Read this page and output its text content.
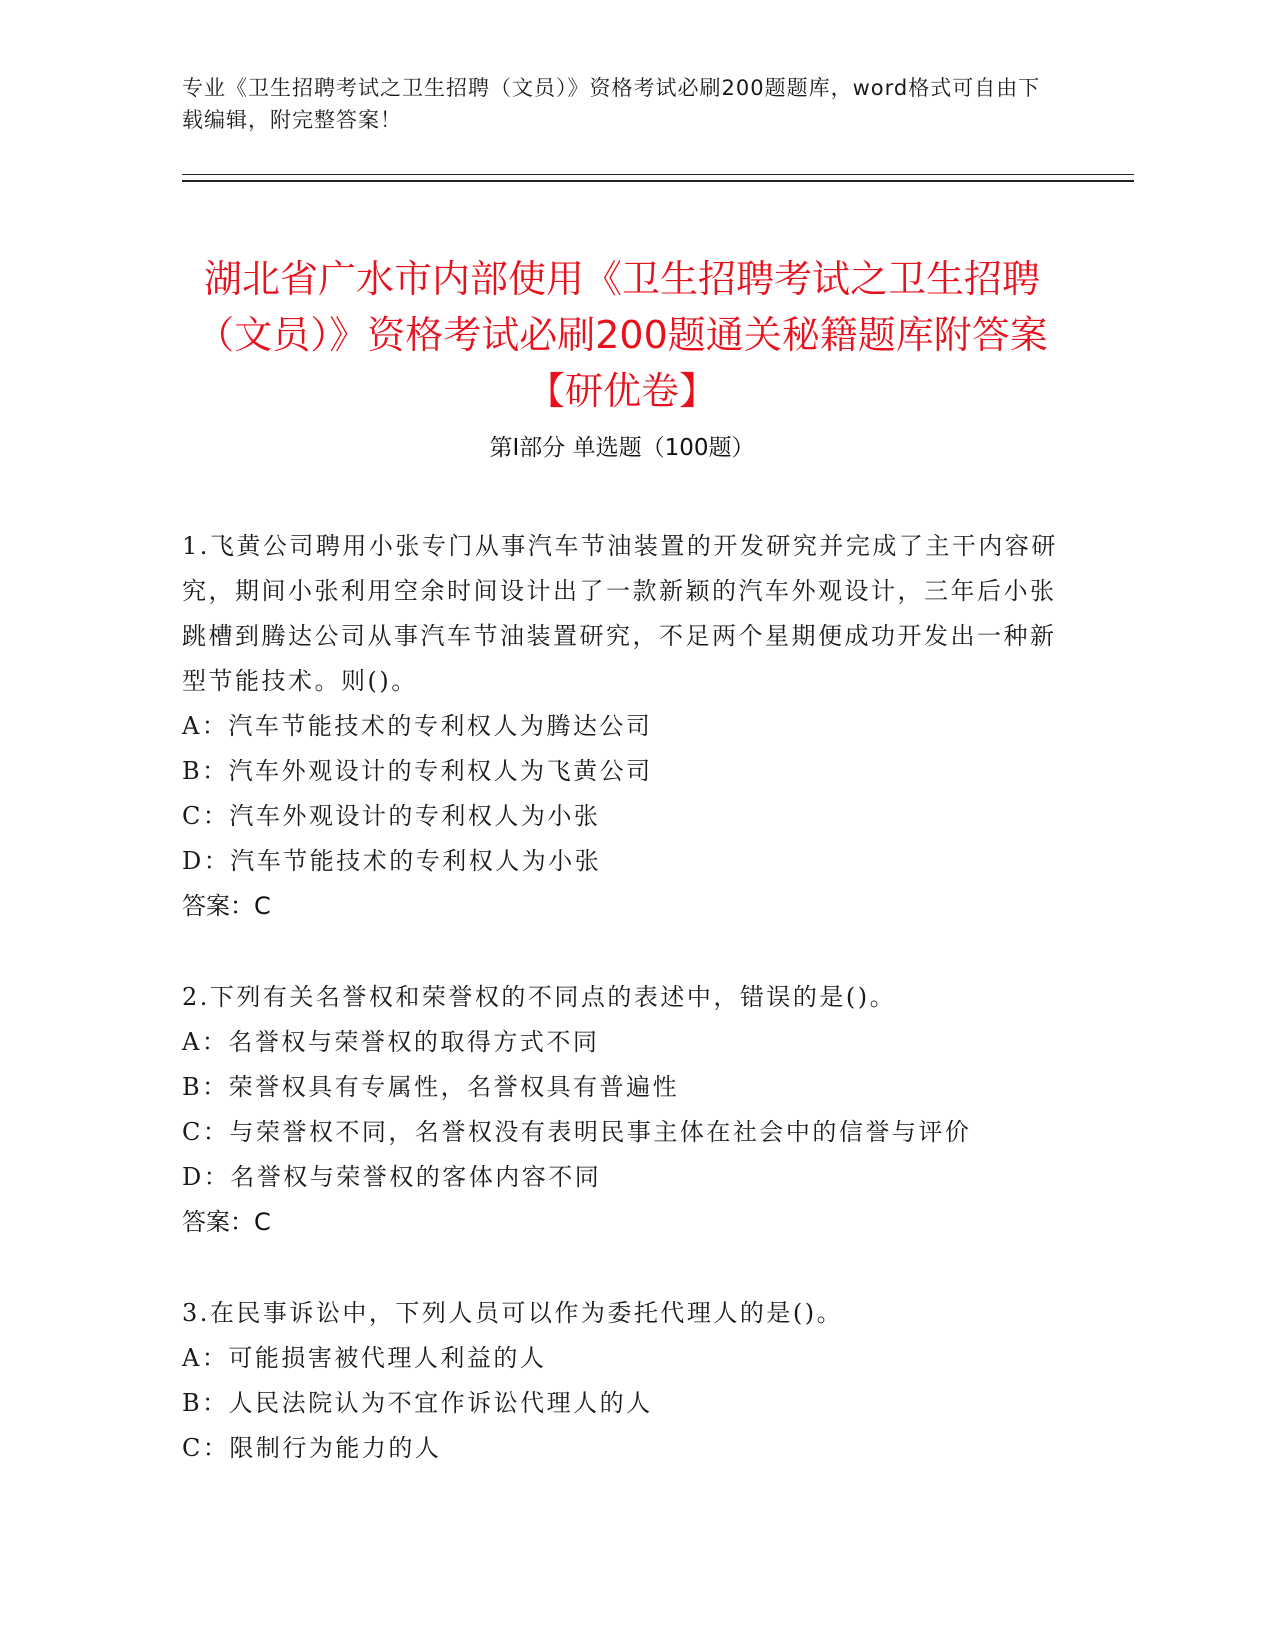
专业《卫生招聘考试之卫生招聘（文员）》资格考试必刷200题题库，word格式可自由下载编辑，附完整答案！
湖北省广水市内部使用《卫生招聘考试之卫生招聘（文员）》资格考试必刷200题通关秘籍题库附答案【研优卷】
第Ⅰ部分 单选题（100题）

1.飞黄公司聘用小张专门从事汽车节油装置的开发研究并完成了主干内容研究，期间小张利用空余时间设计出了一款新颖的汽车外观设计，三年后小张跳槽到腾达公司从事汽车节油装置研究，不足两个星期便成功开发出一种新型节能技术。则()。

A：汽车节能技术的专利权人为腾达公司

B：汽车外观设计的专利权人为飞黄公司

C：汽车外观设计的专利权人为小张

D：汽车节能技术的专利权人为小张

答案：C

2.下列有关名誉权和荣誉权的不同点的表述中，错误的是()。

A：名誉权与荣誉权的取得方式不同

B：荣誉权具有专属性，名誉权具有普遍性

C：与荣誉权不同，名誉权没有表明民事主体在社会中的信誉与评价

D：名誉权与荣誉权的客体内容不同

答案：C

3.在民事诉讼中，下列人员可以作为委托代理人的是()。

A：可能损害被代理人利益的人

B：人民法院认为不宜作诉讼代理人的人

C：限制行为能力的人
